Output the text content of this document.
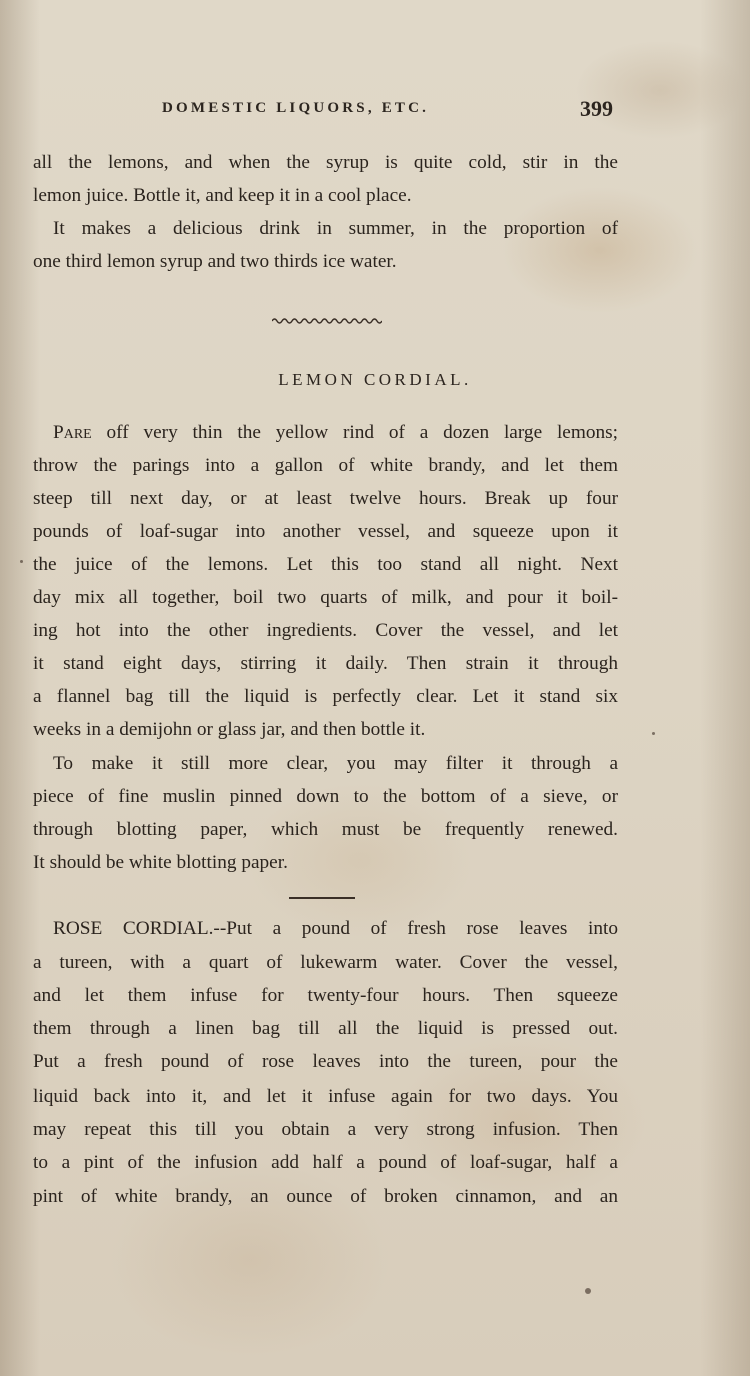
DOMESTIC LIQUORS, ETC.	399

all the lemons, and when the syrup is quite cold, stir in the

lemon juice. Bottle it, and keep it in a cool place.

It makes a delicious drink in summer, in the proportion of

one third lemon syrup and two thirds ice water.

LEMON CORDIAL.

Pare off very thin the yellow rind of a dozen large lemons;

throw the parings into a gallon of white brandy, and let them

steep till next day, or at least twelve hours. Break up four

pounds of loaf-sugar into another vessel, and squeeze upon it

the juice of the lemons. Let this too stand all night. Next

day mix all together, boil two quarts of milk, and pour it boil-

ing hot into the other ingredients. Cover the vessel, and let

it stand eight days, stirring it daily. Then strain it through

a flannel bag till the liquid is perfectly clear. Let it stand six

weeks in a demijohn or glass jar, and then bottle it.

To make it still more clear, you may filter it through a

piece of fine muslin pinned down to the bottom of a sieve, or

through blotting paper, which must be frequently renewed.

It should be white blotting paper.

ROSE CORDIAL.--Put a pound of fresh rose leaves into

a tureen, with a quart of lukewarm water. Cover the vessel,

and let them infuse for twenty-four hours. Then squeeze

them through a linen bag till all the liquid is pressed out.

Put a fresh pound of rose leaves into the tureen, pour the

liquid back into it, and let it infuse again for two days. You

may repeat this till you obtain a very strong infusion. Then

to a pint of the infusion add half a pound of loaf-sugar, half a

pint of white brandy, an ounce of broken cinnamon, and an
